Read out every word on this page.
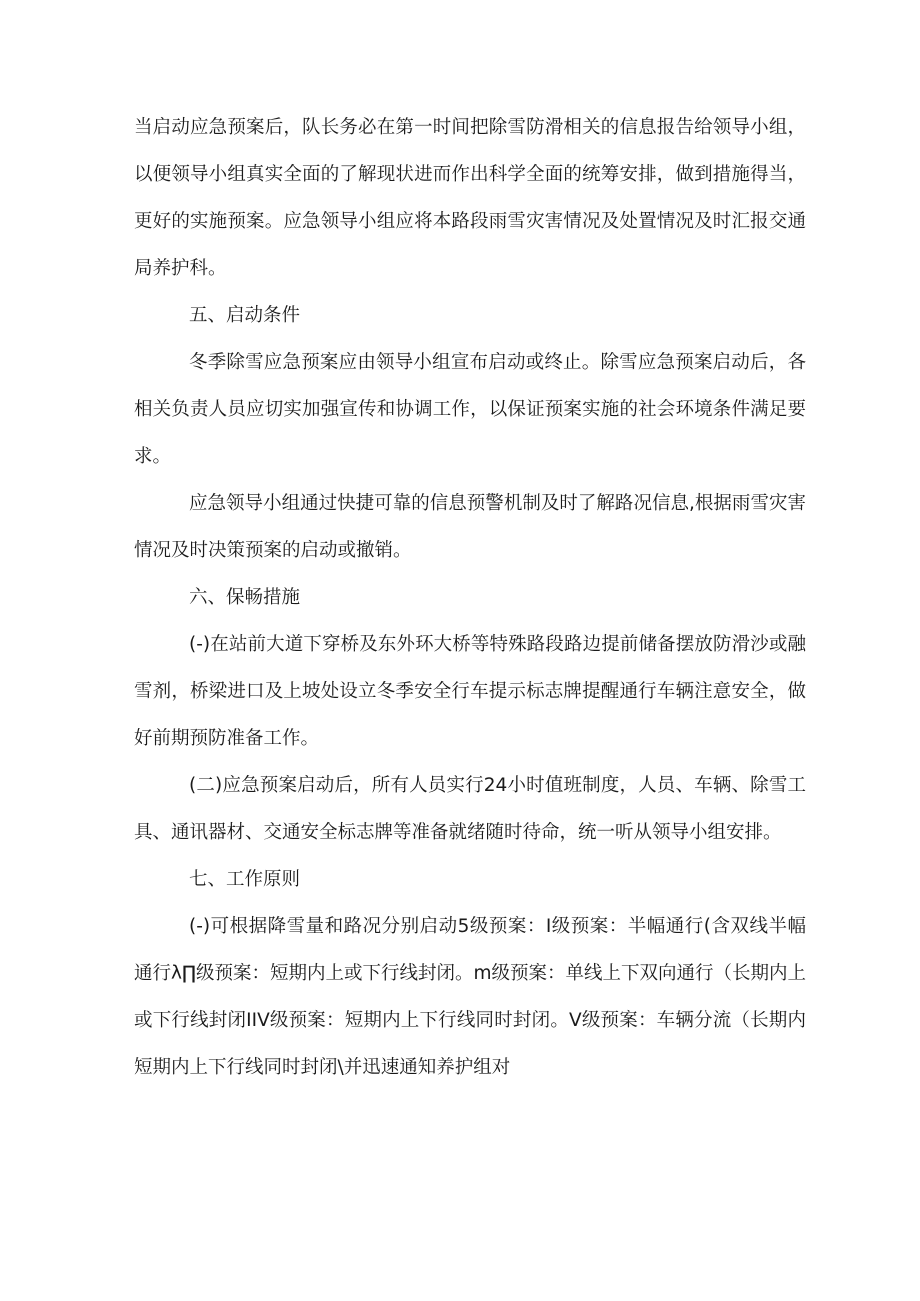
当启动应急预案后，队长务必在第一时间把除雪防滑相关的信息报告给领导小组，以便领导小组真实全面的了解现状进而作出科学全面的统筹安排，做到措施得当，更好的实施预案。应急领导小组应将本路段雨雪灾害情况及处置情况及时汇报交通局养护科。

五、启动条件

冬季除雪应急预案应由领导小组宣布启动或终止。除雪应急预案启动后，各相关负责人员应切实加强宣传和协调工作，以保证预案实施的社会环境条件满足要求。

应急领导小组通过快捷可靠的信息预警机制及时了解路况信息,根据雨雪灾害情况及时决策预案的启动或撤销。

六、保畅措施

(-)在站前大道下穿桥及东外环大桥等特殊路段路边提前储备摆放防滑沙或融雪剂，桥梁进口及上坡处设立冬季安全行车提示标志牌提醒通行车辆注意安全，做好前期预防准备工作。

(二)应急预案启动后，所有人员实行24小时值班制度，人员、车辆、除雪工具、通讯器材、交通安全标志牌等准备就绪随时待命，统一听从领导小组安排。

七、工作原则

(-)可根据降雪量和路况分别启动5级预案：I级预案：半幅通行(含双线半幅通行λ∏级预案：短期内上或下行线封闭。m级预案：单线上下双向通行（长期内上或下行线封闭IIV级预案：短期内上下行线同时封闭。V级预案：车辆分流（长期内短期内上下行线同时封闭\并迅速通知养护组对
